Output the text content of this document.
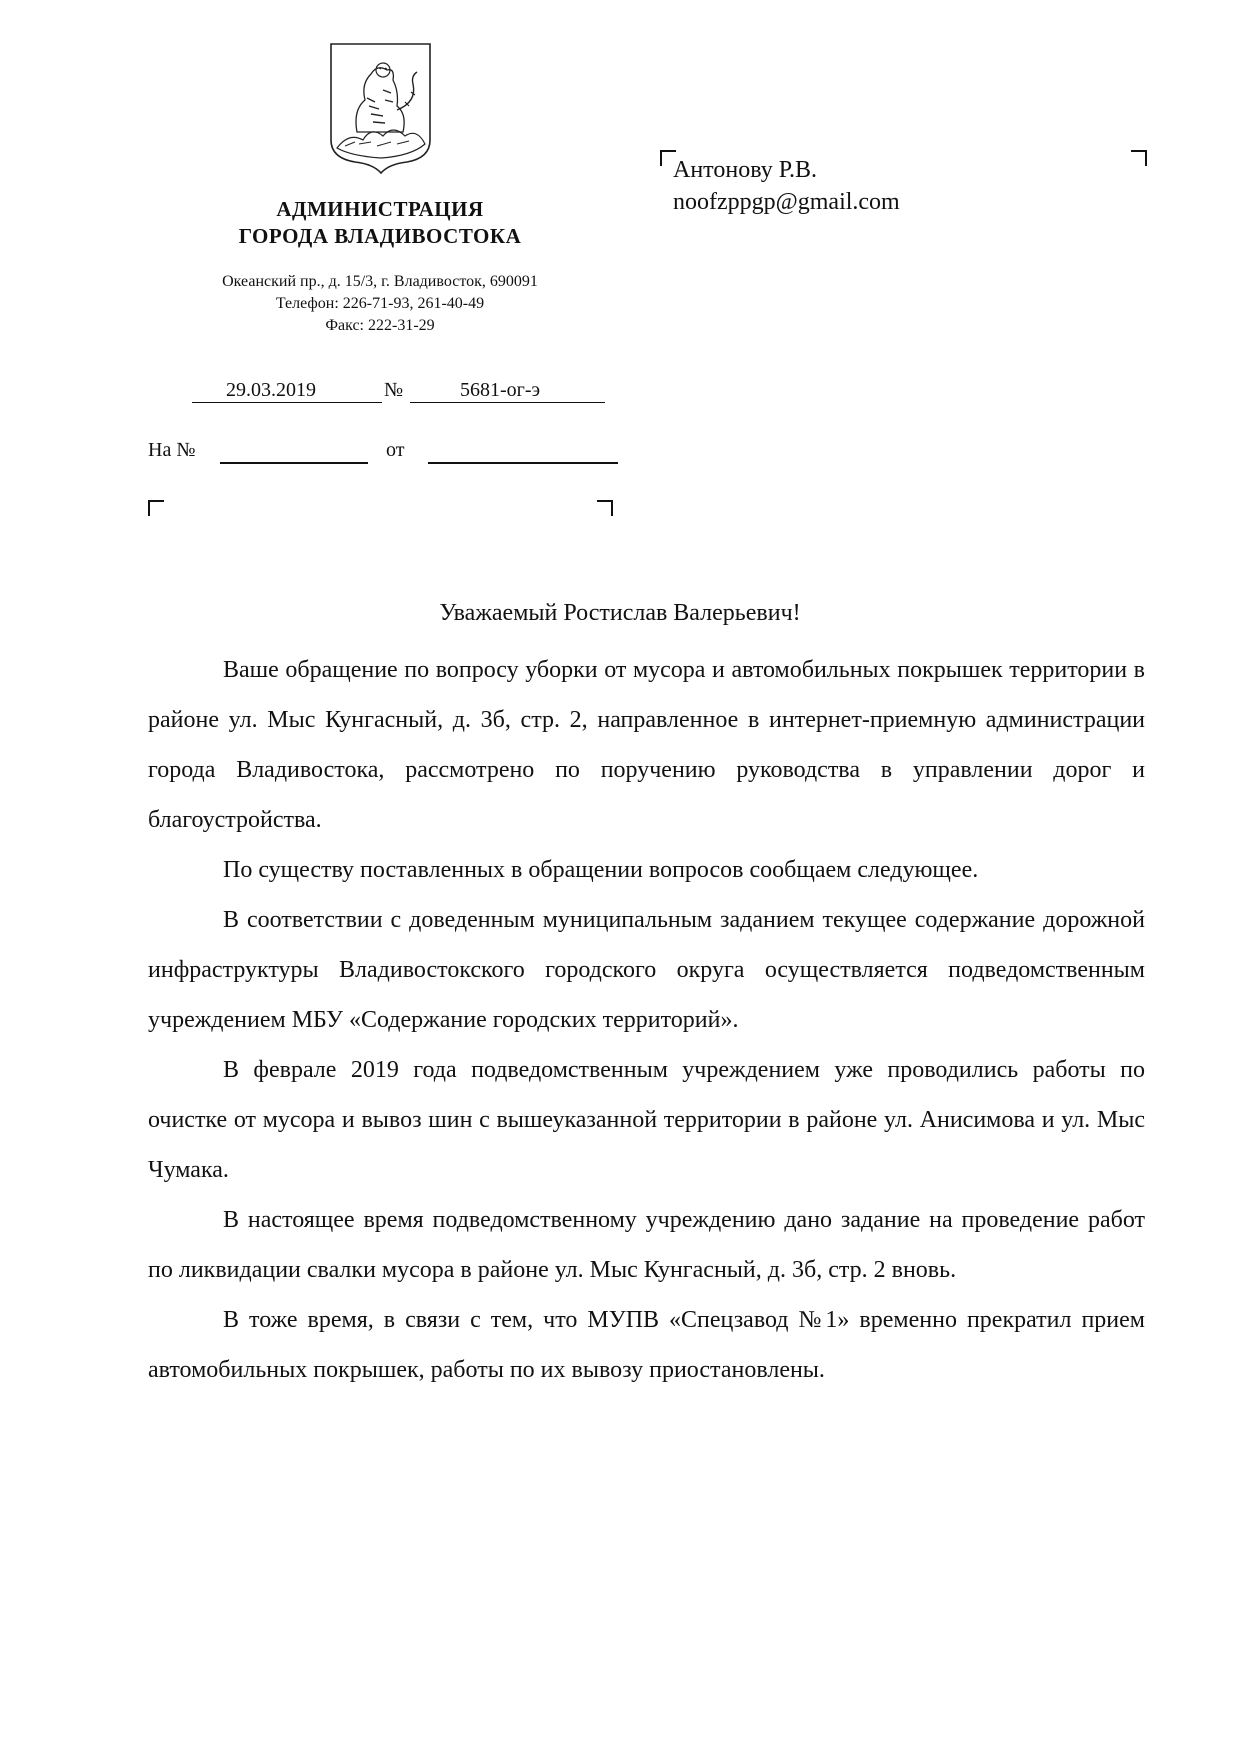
АДМИНИСТРАЦИЯ
ГОРОДА ВЛАДИВОСТОКА
Океанский пр., д. 15/3, г. Владивосток, 690091
Телефон: 226-71-93, 261-40-49
Факс: 222-31-29
29.03.2019	№	5681-ог-э
На №	от
Антонову Р.В.
noofzppgp@gmail.com
Уважаемый Ростислав Валерьевич!

Ваше обращение по вопросу уборки от мусора и автомобильных покрышек территории в районе ул. Мыс Кунгасный, д. 3б, стр. 2, направленное в интернет-приемную администрации города Владивостока, рассмотрено по поручению руководства в управлении дорог и благоустройства.

По существу поставленных в обращении вопросов сообщаем следующее.

В соответствии с доведенным муниципальным заданием текущее содержание дорожной инфраструктуры Владивостокского городского округа осуществляется подведомственным учреждением МБУ «Содержание городских территорий».

В феврале 2019 года подведомственным учреждением уже проводились работы по очистке от мусора и вывоз шин с вышеуказанной территории в районе ул. Анисимова и ул. Мыс Чумака.

В настоящее время подведомственному учреждению дано задание на проведение работ по ликвидации свалки мусора в районе ул. Мыс Кунгасный, д. 3б, стр. 2 вновь.

В тоже время, в связи с тем, что МУПВ «Спецзавод №1» временно прекратил прием автомобильных покрышек, работы по их вывозу приостановлены.
